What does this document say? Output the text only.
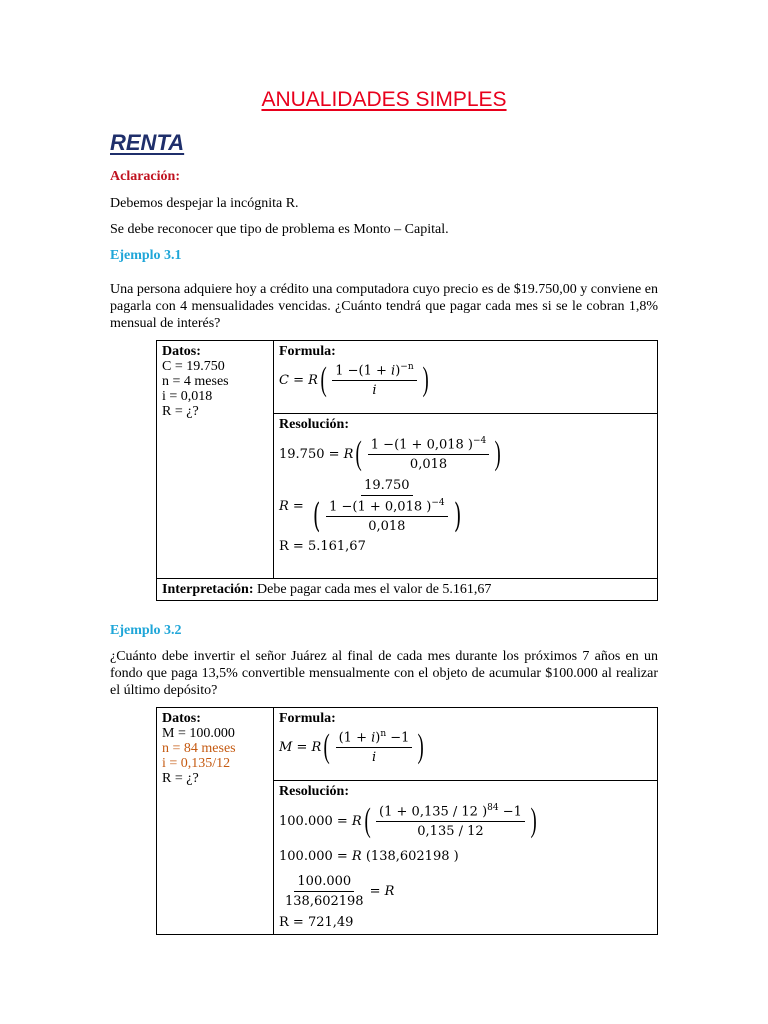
ANUALIDADES SIMPLES
RENTA
Aclaración:
Debemos despejar la incógnita R.
Se debe reconocer que tipo de problema es Monto – Capital.
Ejemplo 3.1
Una persona adquiere hoy a crédito una computadora cuyo precio es de $19.750,00 y conviene en pagarla con 4 mensualidades vencidas. ¿Cuánto tendrá que pagar cada mes si se le cobran 1,8% mensual de interés?
Datos:
C = 19.750
n = 4 meses
i = 0,018
R = ¿?

Formula:
C = R ( $\frac{1 -(1 + i)^{-n}}{i}$ )

Resolución:
19.750 = R ( $\frac{1 -(1 + 0,018 )^{-4}}{0,018}$ )
$R = \frac{19.750}{( \frac{1 -(1 + 0,018 )^{-4}}{0,018} )}$
R = 5.161,67
Interpretación: Debe pagar cada mes el valor de 5.161,67
Ejemplo 3.2
¿Cuánto debe invertir el señor Juárez al final de cada mes durante los próximos 7 años en un fondo que paga 13,5% convertible mensualmente con el objeto de acumular $100.000 al realizar el último depósito?
Datos:
M = 100.000
n = 84 meses
i = 0,135/12
R = ¿?

Formula:
M = R ( $\frac{(1 + i)^n -1}{i}$ )

Resolución:
100.000 = R ( $\frac{(1 + 0,135 / 12 )^{84} -1}{0,135 / 12}$ )
100.000 = R (138,602198 )
$\frac{100.000}{138,602198} = R$
R = 721,49
